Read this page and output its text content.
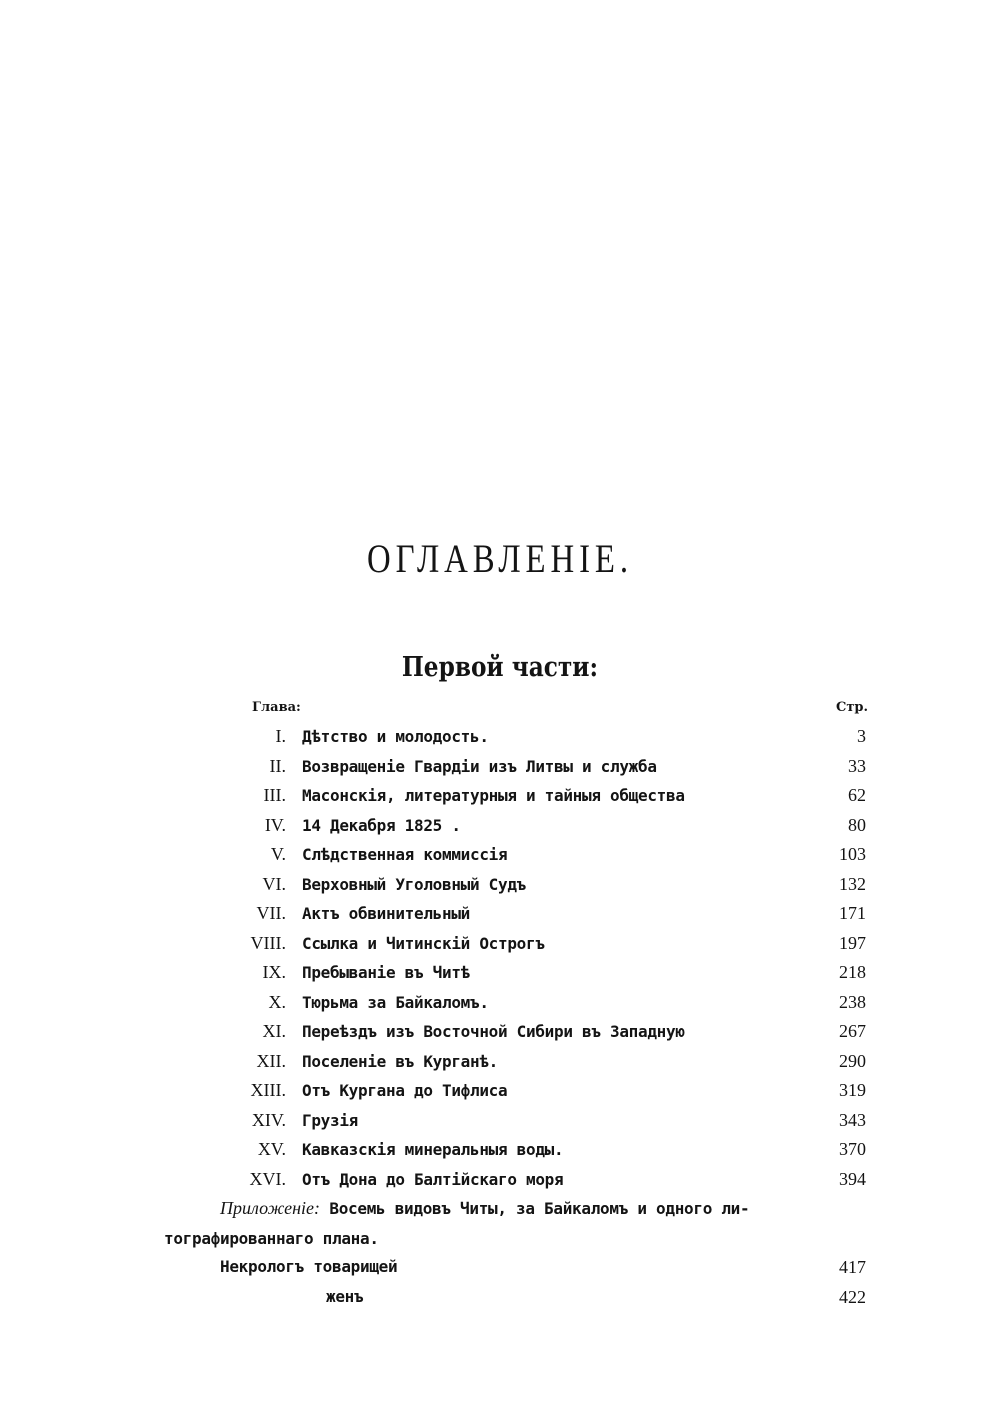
ОГЛАВЛЕНIЕ.
Первой части:
Глава:	Стр.
I. Дѣтство и молодость.	3
II. Возвращенiе Гвардiи изъ Литвы и служба	33
III. Масонскiя, литературныя и тайныя общества	62
IV. 14 Декабря 1825 .	80
V. Слѣдственная коммиссiя	103
VI. Верховный Уголовный Судъ	132
VII. Актъ обвинительный	171
VIII. Ссылка и Читинскiй Острогъ	197
IX. Пребыванiе въ Читѣ	218
X. Тюрьма за Байкаломъ.	238
XI. Переѣздъ изъ Восточной Сибири въ Западную	267
XII. Поселенiе въ Курганѣ.	290
XIII. Отъ Кургана до Тифлиса	319
XIV. Грузiя	343
XV. Кавказскiя минеральныя воды.	370
XVI. Отъ Дона до Балтiйскаго моря	394
Приложенiе: Восемь видовъ Читы, за Байкаломъ и одного ли-
тографированнаго плана.
Некрологъ товарищей	417
женъ	422
